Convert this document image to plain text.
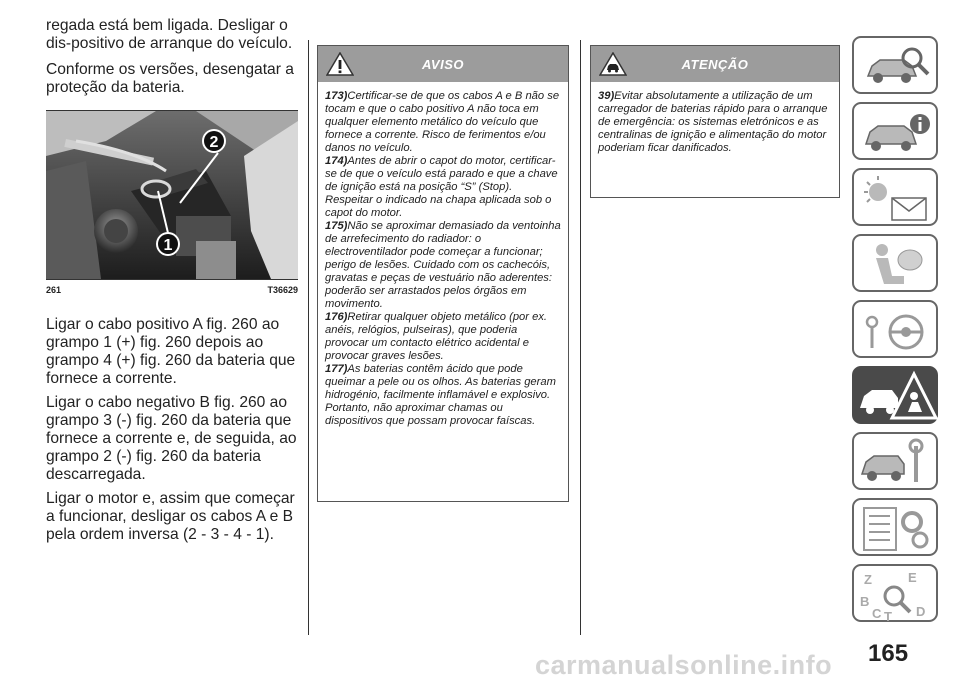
regada está bem ligada. Desligar o dis-positivo de arranque do veículo.

Conforme os versões, desengatar a proteção da bateria.

2
1
261	T36629

Ligar o cabo positivo A fig. 260 ao grampo 1 (+) fig. 260 depois ao grampo 4 (+) fig. 260 da bateria que fornece a corrente.

Ligar o cabo negativo B fig. 260 ao grampo 3 (-) fig. 260 da bateria que fornece a corrente e, de seguida, ao grampo 2 (-) fig. 260 da bateria descarregada.

Ligar o motor e, assim que começar a funcionar, desligar os cabos A e B pela ordem inversa (2 - 3 - 4 - 1).

AVISO

173)Certificar-se de que os cabos A e B não se tocam e que o cabo positivo A não toca em qualquer elemento metálico do veículo que fornece a corrente. Risco de ferimentos e/ou danos no veículo.

174)Antes de abrir o capot do motor, certificar-se de que o veículo está parado e que a chave de ignição está na posição “S” (Stop). Respeitar o indicado na chapa aplicada sob o capot do motor.

175)Não se aproximar demasiado da ventoinha de arrefecimento do radiador: o electroventilador pode começar a funcionar; perigo de lesões. Cuidado com os cachecóis, gravatas e peças de vestuário não aderentes: poderão ser arrastados pelos órgãos em movimento.

176)Retirar qualquer objeto metálico (por ex. anéis, relógios, pulseiras), que poderia provocar um contacto elétrico acidental e provocar graves lesões.

177)As baterias contêm ácido que pode queimar a pele ou os olhos. As baterias geram hidrogénio, facilmente inflamável e explosivo. Portanto, não aproximar chamas ou dispositivos que possam provocar faíscas.

ATENÇÃO

39)Evitar absolutamente a utilização de um carregador de baterias rápido para o arranque de emergência: os sistemas eletrónicos e as centralinas de ignição e alimentação do motor poderiam ficar danificados.

Z	E
B
C T D
165
carmanualsonline.info
